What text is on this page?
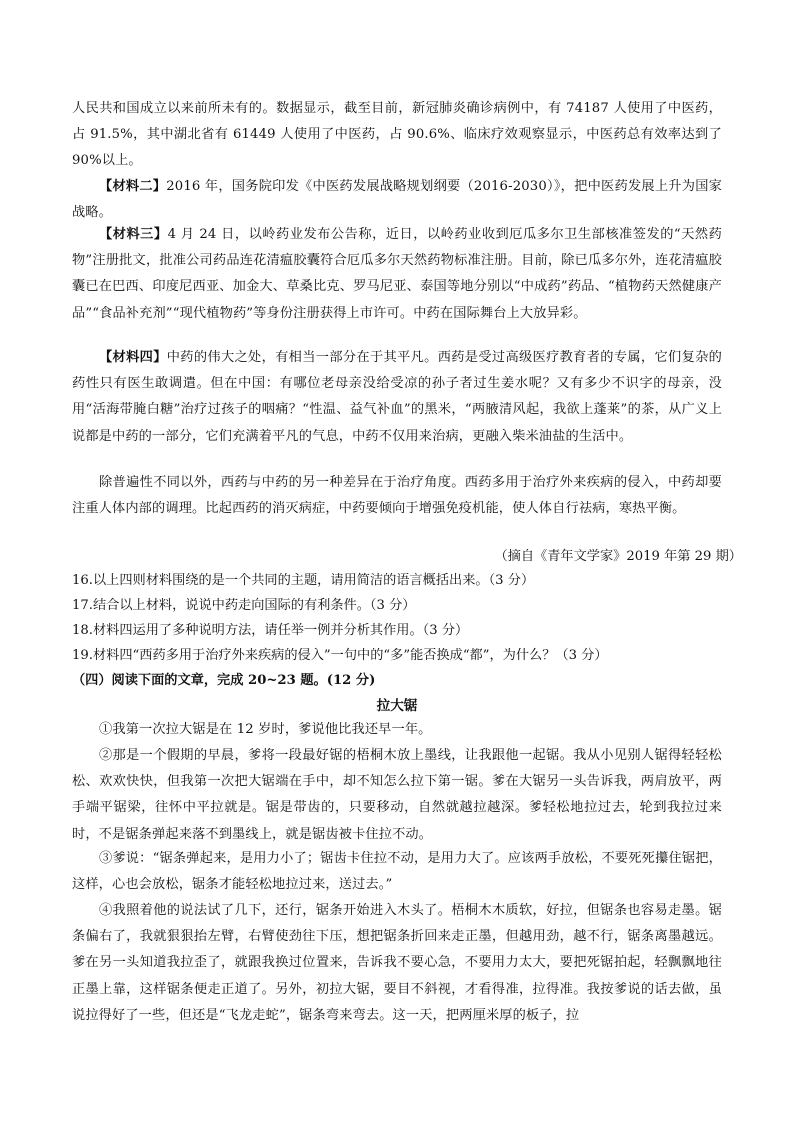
人民共和国成立以来前所未有的。数据显示，截至目前，新冠肺炎确诊病例中，有 74187 人使用了中医药，占 91.5%，其中湖北省有 61449 人使用了中医药，占 90.6%、临床疗效观察显示，中医药总有效率达到了 90%以上。

【材料二】2016 年，国务院印发《中医药发展战略规划纲要（2016-2030）》，把中医药发展上升为国家战略。

【材料三】4 月 24 日，以岭药业发布公告称，近日，以岭药业收到厄瓜多尔卫生部核准签发的“天然药物”注册批文，批准公司药品连花清瘟胶囊符合厄瓜多尔天然药物标准注册。目前，除已瓜多尔外，连花清瘟胶囊已在巴西、印度尼西亚、加金大、草桑比克、罗马尼亚、泰国等地分别以“中成药”药品、“植物药天然健康产品”“食品补充剂”“现代植物药”等身份注册获得上市许可。中药在国际舞台上大放异彩。

【材料四】中药的伟大之处，有相当一部分在于其平凡。西药是受过高级医疗教育者的专属，它们复杂的药性只有医生敢调遣。但在中国：有哪位老母亲没给受凉的孙子者过生姜水呢？又有多少不识字的母亲，没用“活海带腌白糖”治疗过孩子的咽痛？“性温、益气补血”的黑米，“两腋清风起，我欲上蓬莱”的茶，从广义上说都是中药的一部分，它们充满着平凡的气息，中药不仅用来治病，更融入柴米油盐的生活中。

除普遍性不同以外，西药与中药的另一种差异在于治疗角度。西药多用于治疗外来疾病的侵入，中药却要注重人体内部的调理。比起西药的消灭病症，中药要倾向于增强免疫机能，使人体自行祛病，寒热平衡。

（摘自《青年文学家》2019 年第 29 期）

16.以上四则材料围绕的是一个共同的主题，请用简洁的语言概括出来。（3 分）

17.结合以上材料，说说中药走向国际的有利条件。（3 分）

18.材料四运用了多种说明方法，请任举一例并分析其作用。（3 分）

19.材料四“西药多用于治疗外来疾病的侵入”一句中的“多”能否换成“都”，为什么？（3 分）

（四）阅读下面的文章，完成 20~23 题。(12 分)

拉大锯

①我第一次拉大锯是在 12 岁时，爹说他比我还早一年。

②那是一个假期的早晨，爹将一段最好锯的梧桐木放上墨线，让我跟他一起锯。我从小见别人锯得轻轻松松、欢欢快快，但我第一次把大锯端在手中，却不知怎么拉下第一锯。爹在大锯另一头告诉我，两肩放平，两手端平锯梁，往怀中平拉就是。锯是带齿的，只要移动，自然就越拉越深。爹轻松地拉过去，轮到我拉过来时，不是锯条弹起来落不到墨线上，就是锯齿被卡住拉不动。

③爹说：“锯条弹起来，是用力小了；锯齿卡住拉不动，是用力大了。应该两手放松，不要死死攥住锯把，这样，心也会放松，锯条才能轻松地拉过来，送过去。”

④我照着他的说法试了几下，还行，锯条开始进入木头了。梧桐木木质软，好拉，但锯条也容易走墨。锯条偏右了，我就狠狠抬左臂，右臂使劲往下压，想把锯条折回来走正墨，但越用劲，越不行，锯条离墨越远。爹在另一头知道我拉歪了，就跟我换过位置来，告诉我不要心急，不要用力太大，要把死锯拍起，轻飘飘地往正墨上靠，这样锯条便走正道了。另外，初拉大锯，要目不斜视，才看得准，拉得准。我按爹说的话去做，虽说拉得好了一些，但还是“飞龙走蛇”，锯条弯来弯去。这一天，把两厘米厚的板子，拉
